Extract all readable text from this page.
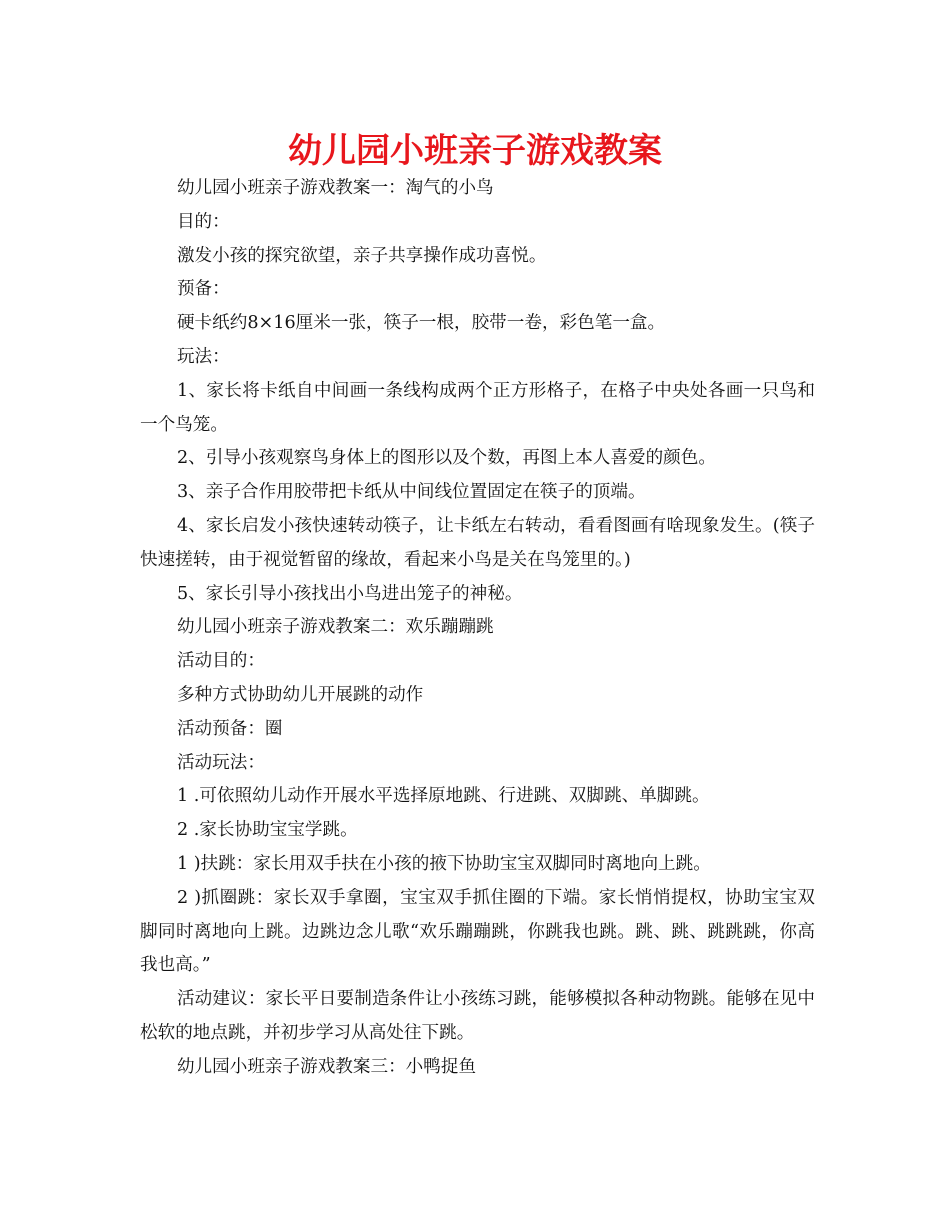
幼儿园小班亲子游戏教案

幼儿园小班亲子游戏教案一：淘气的小鸟

目的：

激发小孩的探究欲望，亲子共享操作成功喜悦。

预备：

硬卡纸约8×16厘米一张，筷子一根，胶带一卷，彩色笔一盒。

玩法：

1、家长将卡纸自中间画一条线构成两个正方形格子，在格子中央处各画一只鸟和一个鸟笼。

2、引导小孩观察鸟身体上的图形以及个数，再图上本人喜爱的颜色。

3、亲子合作用胶带把卡纸从中间线位置固定在筷子的顶端。

4、家长启发小孩快速转动筷子，让卡纸左右转动，看看图画有啥现象发生。(筷子快速搓转，由于视觉暂留的缘故，看起来小鸟是关在鸟笼里的。)

5、家长引导小孩找出小鸟进出笼子的神秘。

幼儿园小班亲子游戏教案二：欢乐蹦蹦跳

活动目的：

多种方式协助幼儿开展跳的动作

活动预备：圈

活动玩法：

1 .可依照幼儿动作开展水平选择原地跳、行进跳、双脚跳、单脚跳。

2 .家长协助宝宝学跳。

1 )扶跳：家长用双手扶在小孩的掖下协助宝宝双脚同时离地向上跳。

2 )抓圈跳：家长双手拿圈，宝宝双手抓住圈的下端。家长悄悄提权，协助宝宝双脚同时离地向上跳。边跳边念儿歌“欢乐蹦蹦跳，你跳我也跳。跳、跳、跳跳跳，你高我也高。”

活动建议：家长平日要制造条件让小孩练习跳，能够模拟各种动物跳。能够在见中松软的地点跳，并初步学习从高处往下跳。

幼儿园小班亲子游戏教案三：小鸭捉鱼
